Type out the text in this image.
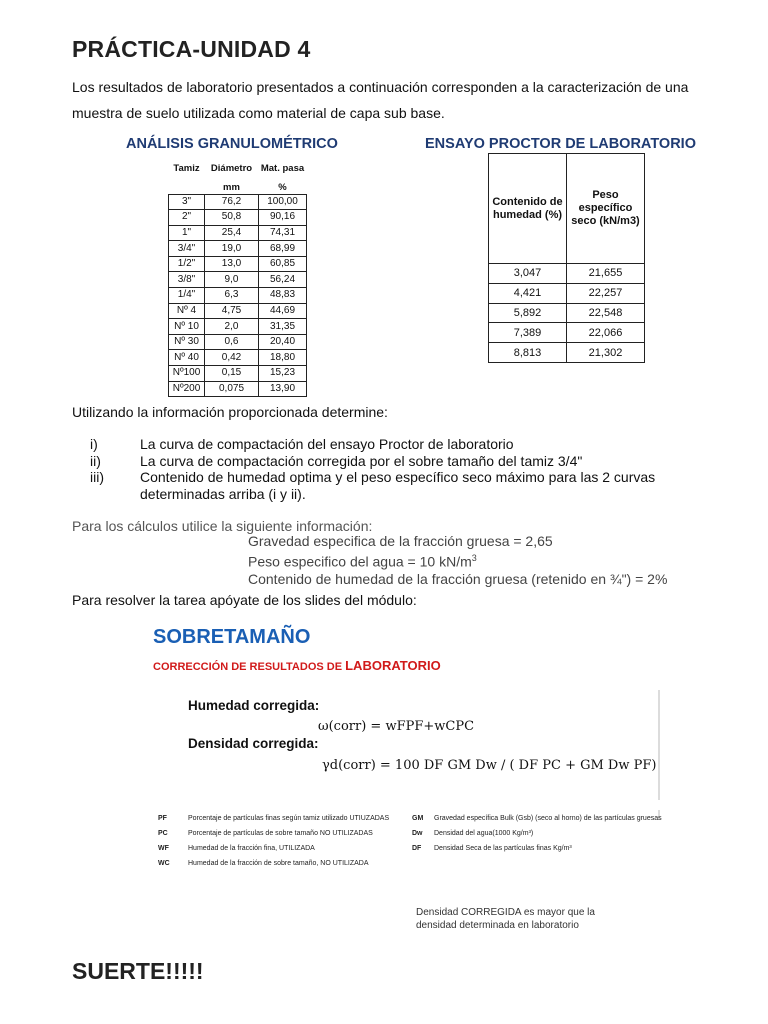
PRÁCTICA-UNIDAD 4
Los resultados de laboratorio presentados a continuación corresponden a la caracterización de una muestra de suelo utilizada como material de capa sub base.
ANÁLISIS GRANULOMÉTRICO
Tamiz	Diámetro	Mat. pasa
	mm	%
3"	76,2	100,00
2"	50,8	90,16
1"	25,4	74,31
3/4"	19,0	68,99
1/2"	13,0	60,85
3/8"	9,0	56,24
1/4"	6,3	48,83
Nº 4	4,75	44,69
Nº 10	2,0	31,35
Nº 30	0,6	20,40
Nº 40	0,42	18,80
Nº100	0,15	15,23
Nº200	0,075	13,90
ENSAYO PROCTOR DE LABORATORIO
Contenido de humedad (%)	Peso específico seco (kN/m3)
3,047	21,655
4,421	22,257
5,892	22,548
7,389	22,066
8,813	21,302
Utilizando la información proporcionada determine:
i)	La curva de compactación del ensayo Proctor de laboratorio
ii)	La curva de compactación corregida por el sobre tamaño del tamiz 3/4"
iii)	Contenido de humedad optima y el peso específico seco máximo para las 2 curvas determinadas arriba (i y ii).
Para los cálculos utilice la siguiente información:
Gravedad especifica de la fracción gruesa = 2,65
Peso especifico del agua = 10 $kN/m^3$
Contenido de humedad de la fracción gruesa (retenido en ¾") = 2%
Para resolver la tarea apóyate de los slides del módulo:
SOBRETAMAÑO
CORRECCIÓN DE RESULTADOS DE LABORATORIO
Humedad corregida:
ω(corr) = wFPF+wCPC
Densidad corregida:
γd(corr) = 100 DF GM Dw / ( DF PC + GM Dw PF)
PF	Porcentaje de partículas finas según tamiz utilizado UTIUZADAS
PC	Porcentaje de partículas de sobre tamaño NO UTILIZADAS
WF	Humedad de la fracción fina, UTILIZADA
WC	Humedad de la fracción de sobre tamaño, NO UTILIZADA
GM Gravedad específica Bulk (Gsb) (seco al horno) de las partículas gruesas
Dw Densidad del agua(1000 Kg/m³)
DF Densidad Seca de las partículas finas Kg/m³
Densidad CORREGIDA es mayor que la densidad determinada en laboratorio
SUERTE!!!!!
